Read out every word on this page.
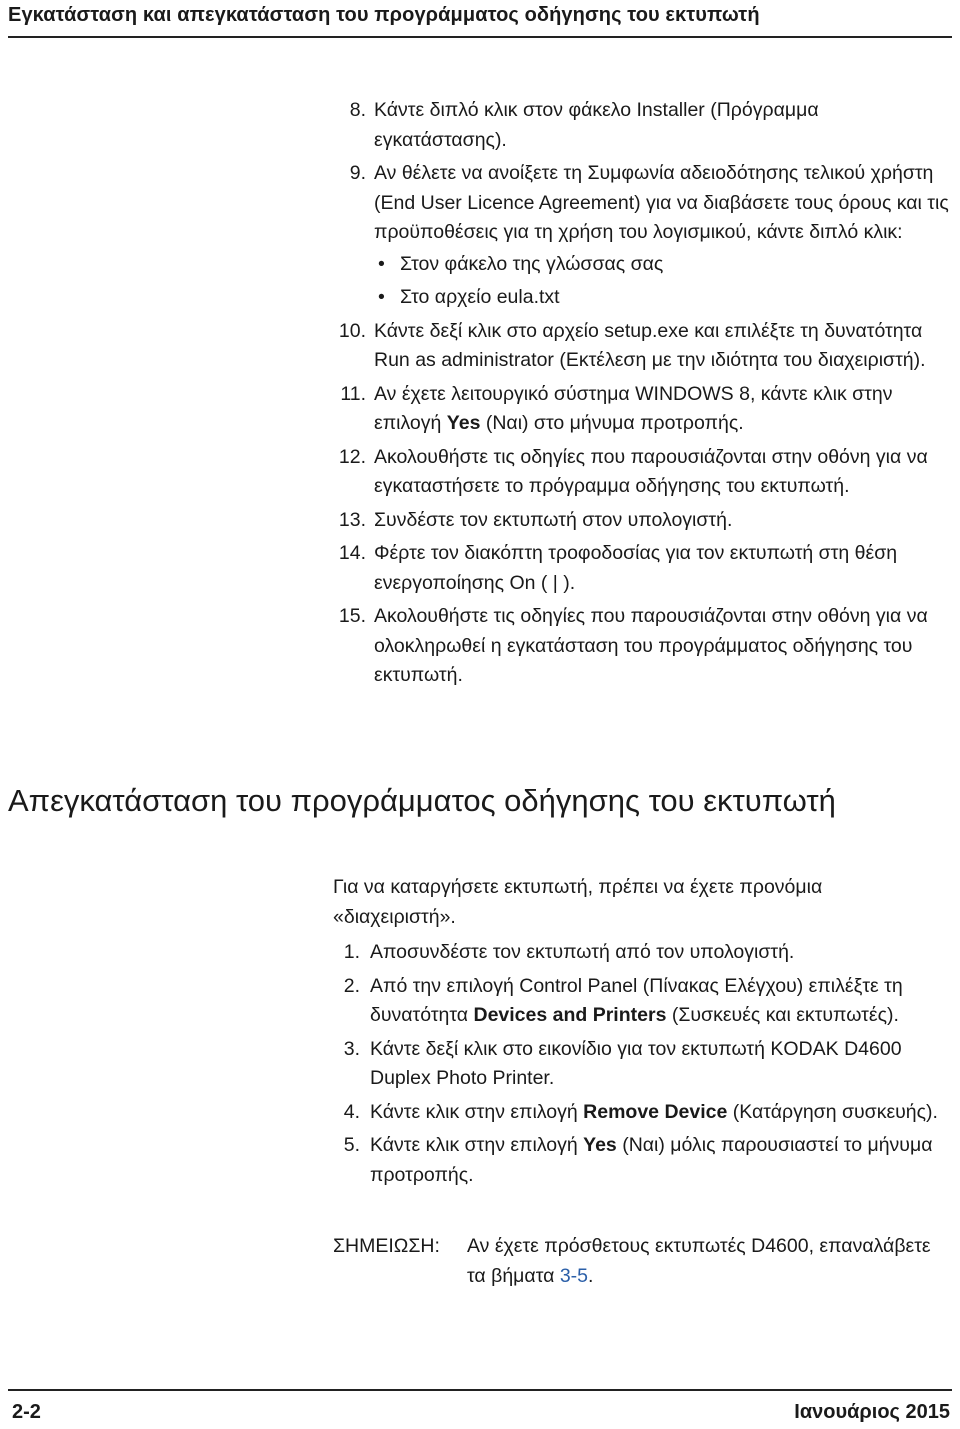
Εγκατάσταση και απεγκατάσταση του προγράμματος οδήγησης του εκτυπωτή
8. Κάντε διπλό κλικ στον φάκελο Installer (Πρόγραμμα εγκατάστασης).
9. Αν θέλετε να ανοίξετε τη Συμφωνία αδειοδότησης τελικού χρήστη (End User Licence Agreement) για να διαβάσετε τους όρους και τις προϋποθέσεις για τη χρήση του λογισμικού, κάντε διπλό κλικ:
• Στον φάκελο της γλώσσας σας
• Στο αρχείο eula.txt
10. Κάντε δεξί κλικ στο αρχείο setup.exe και επιλέξτε τη δυνατότητα Run as administrator (Εκτέλεση με την ιδιότητα του διαχειριστή).
11. Αν έχετε λειτουργικό σύστημα WINDOWS 8, κάντε κλικ στην επιλογή Yes (Ναι) στο μήνυμα προτροπής.
12. Ακολουθήστε τις οδηγίες που παρουσιάζονται στην οθόνη για να εγκαταστήσετε το πρόγραμμα οδήγησης του εκτυπωτή.
13. Συνδέστε τον εκτυπωτή στον υπολογιστή.
14. Φέρτε τον διακόπτη τροφοδοσίας για τον εκτυπωτή στη θέση ενεργοποίησης On ( | ).
15. Ακολουθήστε τις οδηγίες που παρουσιάζονται στην οθόνη για να ολοκληρωθεί η εγκατάσταση του προγράμματος οδήγησης του εκτυπωτή.
Απεγκατάσταση του προγράμματος οδήγησης του εκτυπωτή
Για να καταργήσετε εκτυπωτή, πρέπει να έχετε προνόμια «διαχειριστή».
1. Αποσυνδέστε τον εκτυπωτή από τον υπολογιστή.
2. Από την επιλογή Control Panel (Πίνακας Ελέγχου) επιλέξτε τη δυνατότητα Devices and Printers (Συσκευές και εκτυπωτές).
3. Κάντε δεξί κλικ στο εικονίδιο για τον εκτυπωτή KODAK D4600 Duplex Photo Printer.
4. Κάντε κλικ στην επιλογή Remove Device (Κατάργηση συσκευής).
5. Κάντε κλικ στην επιλογή Yes (Ναι) μόλις παρουσιαστεί το μήνυμα προτροπής.
ΣΗΜΕΙΩΣΗ:	Αν έχετε πρόσθετους εκτυπωτές D4600, επαναλάβετε τα βήματα 3-5.
2-2	Ιανουάριος 2015
